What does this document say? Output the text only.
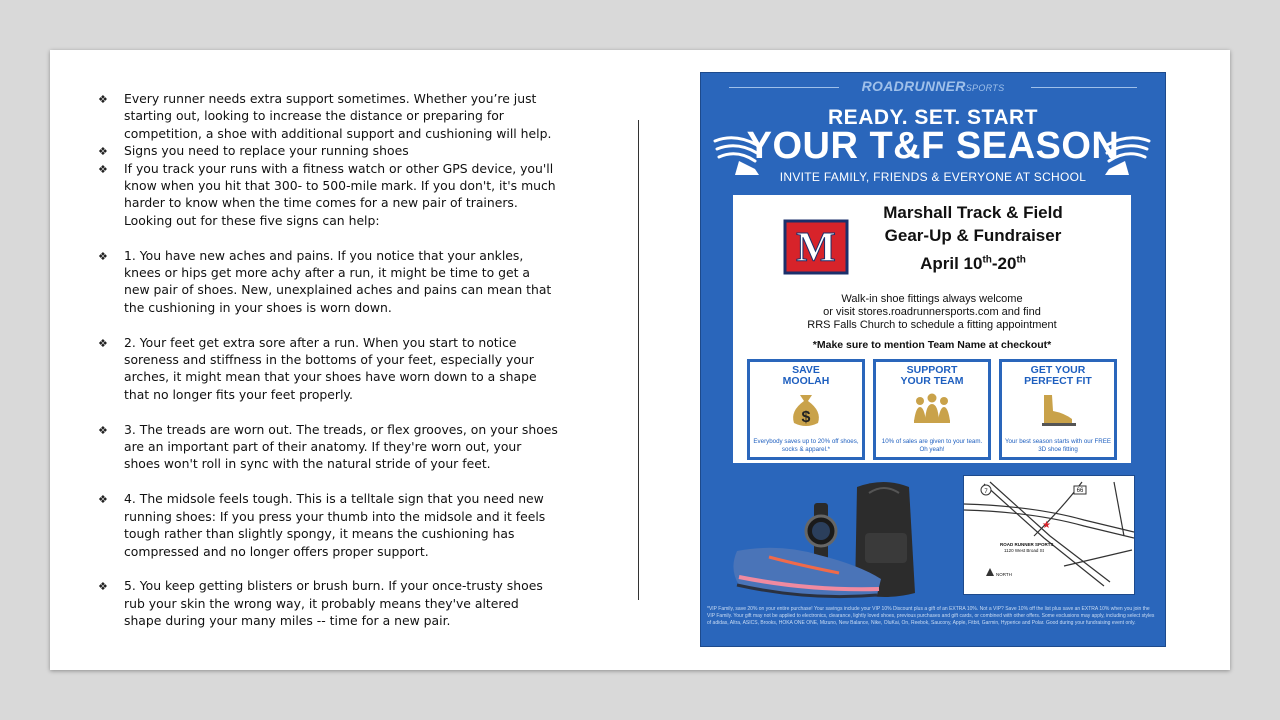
❖ Every runner needs extra support sometimes. Whether you’re just starting out, looking to increase the distance or preparing for competition, a shoe with additional support and cushioning will help.
❖ Signs you need to replace your running shoes
❖ If you track your runs with a fitness watch or other GPS device, you'll know when you hit that 300- to 500-mile mark. If you don't, it's much harder to know when the time comes for a new pair of trainers. Looking out for these five signs can help:
❖ 1. You have new aches and pains. If you notice that your ankles, knees or hips get more achy after a run, it might be time to get a new pair of shoes. New, unexplained aches and pains can mean that the cushioning in your shoes is worn down.
❖ 2. Your feet get extra sore after a run. When you start to notice soreness and stiffness in the bottoms of your feet, especially your arches, it might mean that your shoes have worn down to a shape that no longer fits your feet properly.
❖ 3. The treads are worn out. The treads, or flex grooves, on your shoes are an important part of their anatomy. If they're worn out, your shoes won't roll in sync with the natural stride of your feet.
❖ 4. The midsole feels tough. This is a telltale sign that you need new running shoes: If you press your thumb into the midsole and it feels tough rather than slightly spongy, it means the cushioning has compressed and no longer offers proper support.
❖ 5. You keep getting blisters or brush burn. If your once-trusty shoes rub your skin the wrong way, it probably means they've altered shape during your many miles -- time for a new pair.
ROADRUNNERSPORTS
READY. SET. START
YOUR T&F SEASON
INVITE FAMILY, FRIENDS & EVERYONE AT SCHOOL
M
Marshall Track & Field
Gear-Up & Fundraiser
April 10th-20th
Walk-in shoe fittings always welcome
or visit stores.roadrunnersports.com and find
RRS Falls Church to schedule a fitting appointment
*Make sure to mention Team Name at checkout*
SAVE
MOOLAH
$
Everybody saves up to 20% off shoes, socks & apparel.*
SUPPORT
YOUR TEAM
10% of sales are given to your team. Oh yeah!
GET YOUR
PERFECT FIT
Your best season starts with our FREE 3D shoe fitting
7	66
★
ROAD RUNNER SPORTS
1120 West Broad St
NORTH
*VIP Family, save 20% on your entire purchase! Your savings include your VIP 10% Discount plus a gift of an EXTRA 10%. Not a VIP? Save 10% off the list plus save an EXTRA 10% when you join the VIP Family. Your gift may not be applied to electronics, clearance, lightly loved shoes, previous purchases and gift cards, or combined with other offers. Some exclusions may apply, including select styles of adidas, Altra, ASICS, Brooks, HOKA ONE ONE, Mizuno, New Balance, Nike, OluKai, On, Reebok, Saucony, Apple, Fitbit, Garmin, Hyperice and Polar. Good during your fundraising event only.
